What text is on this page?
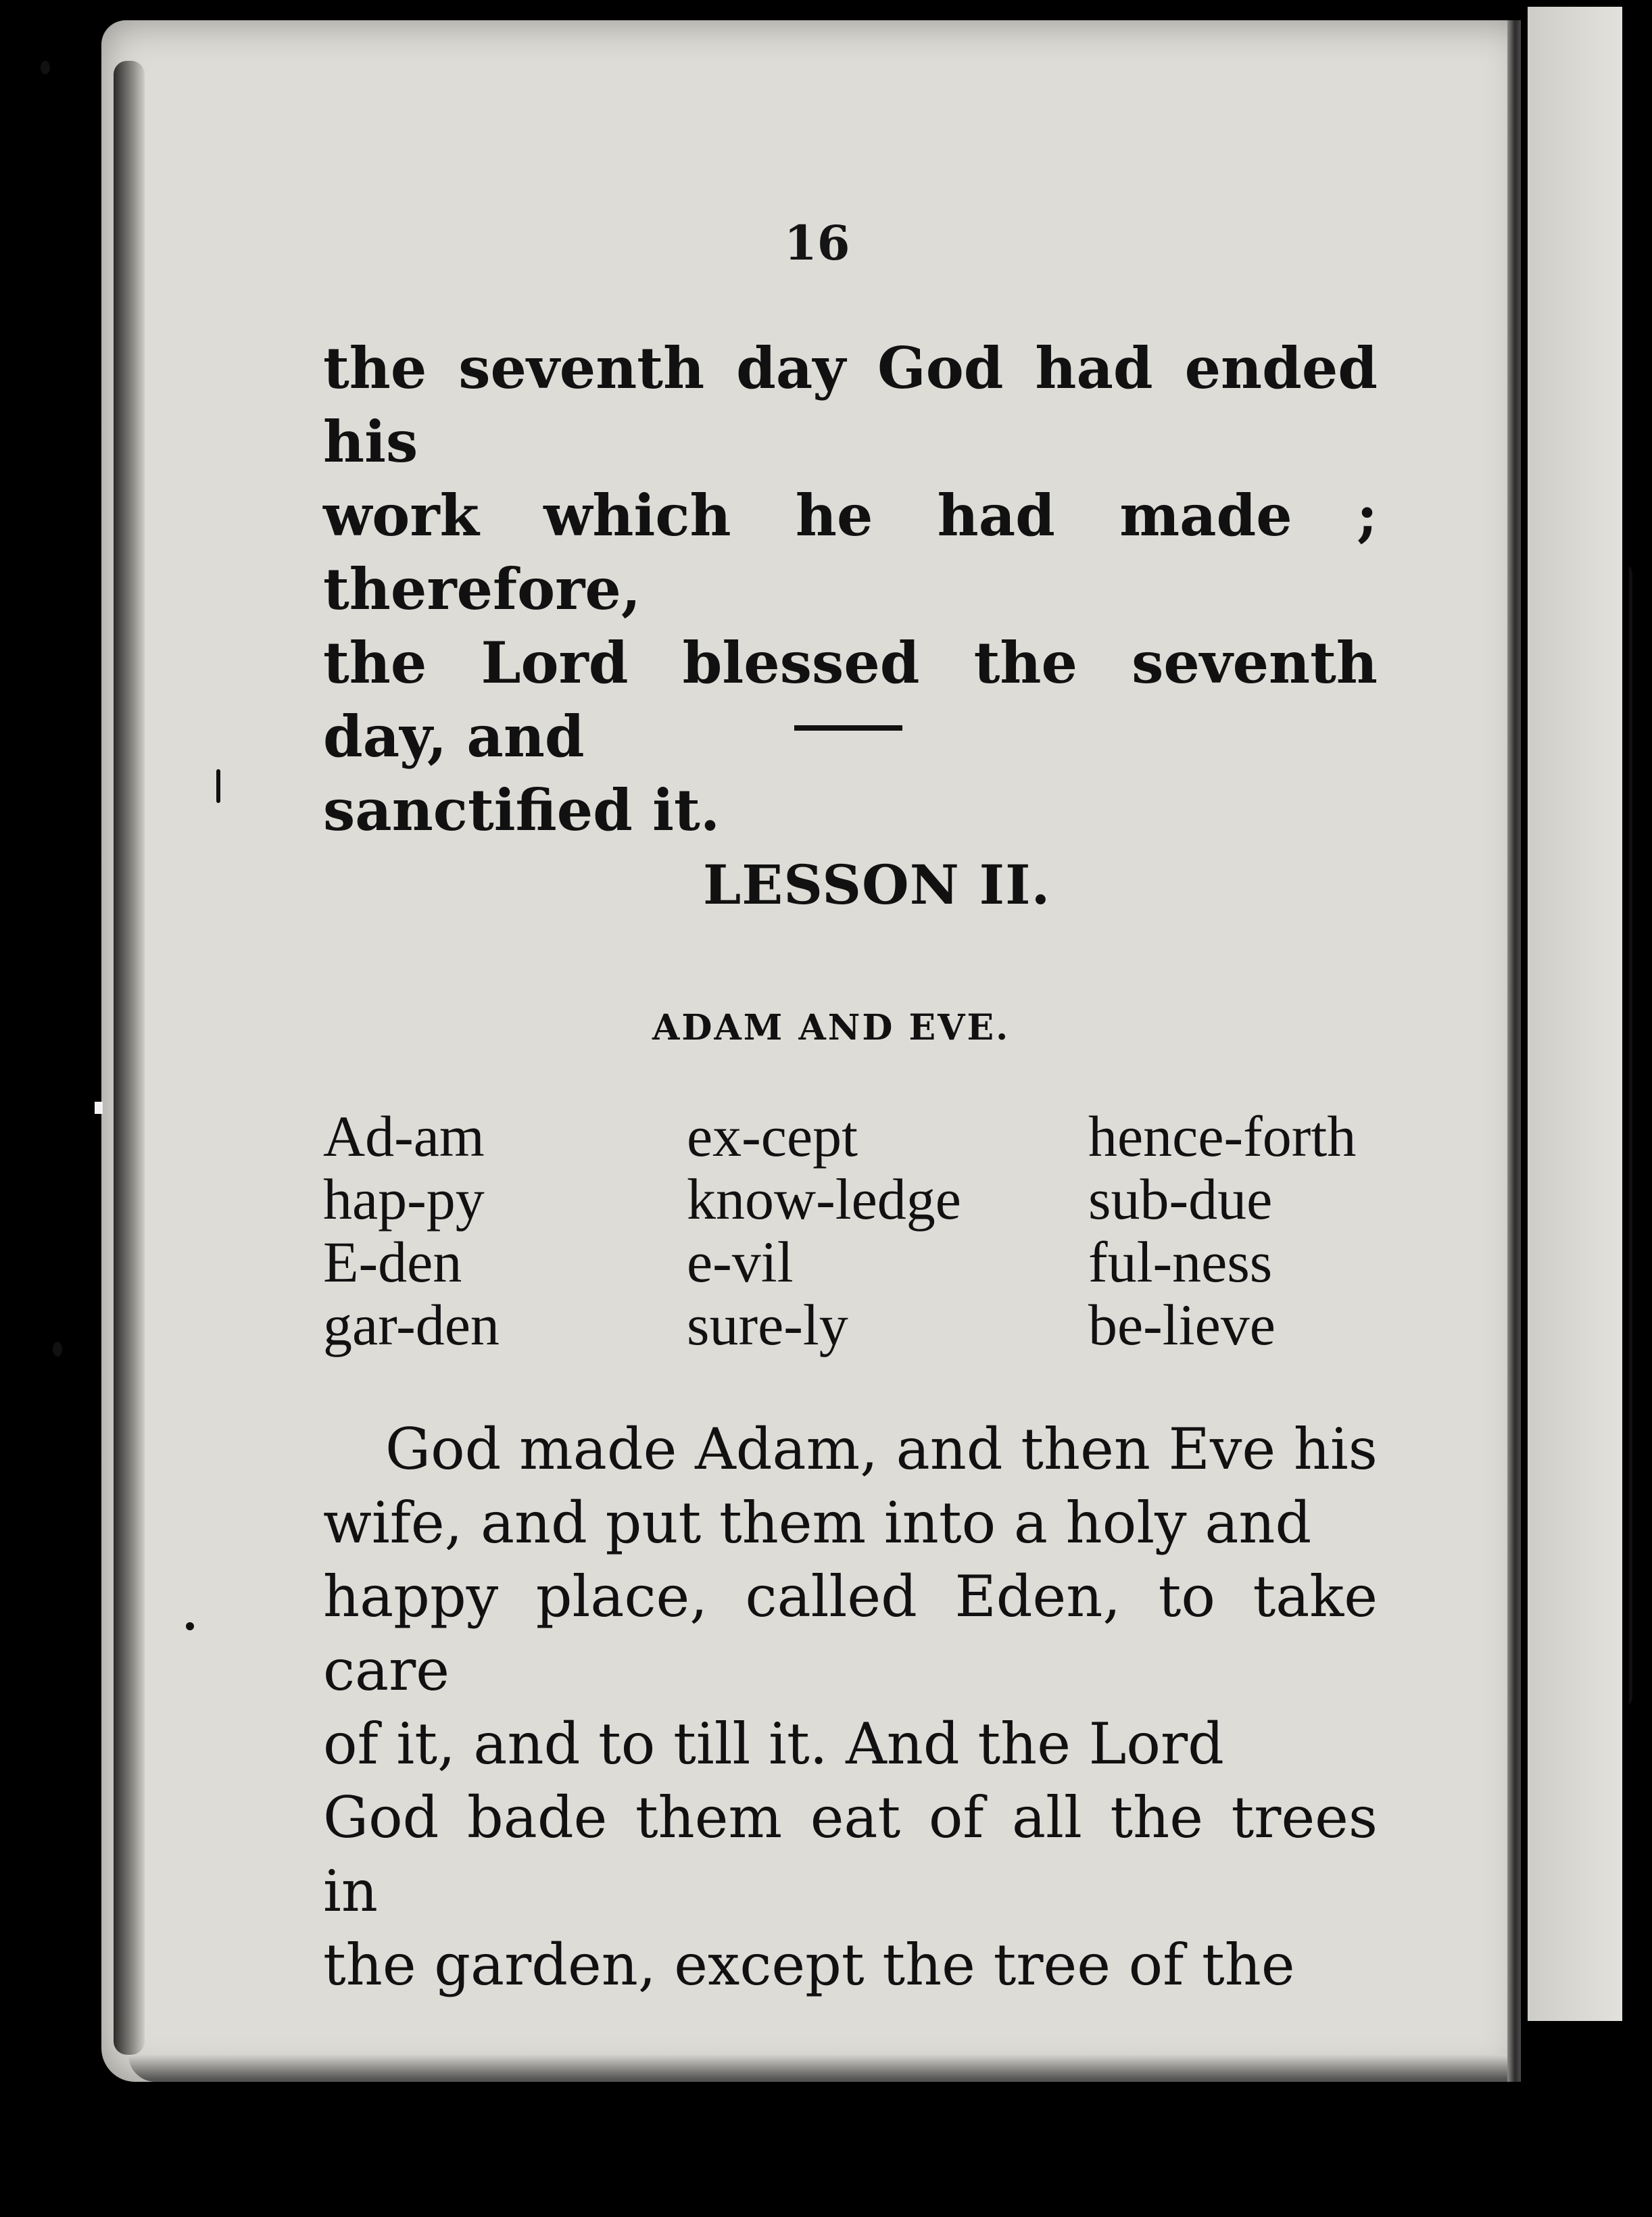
16

the seventh day God had ended his

work which he had made ; therefore,

the Lord blessed the seventh day, and

sanctified it.

LESSON II.
ADAM AND EVE.
Ad-am
hap-py
E-den
gar-den
ex-cept
know-ledge
e-vil
sure-ly
hence-forth
sub-due
ful-ness
be-lieve

God made Adam, and then Eve his

wife, and put them into a holy and

happy place, called Eden, to take care

of it, and to till it. And the Lord

God bade them eat of all the trees in

the garden, except the tree of the
